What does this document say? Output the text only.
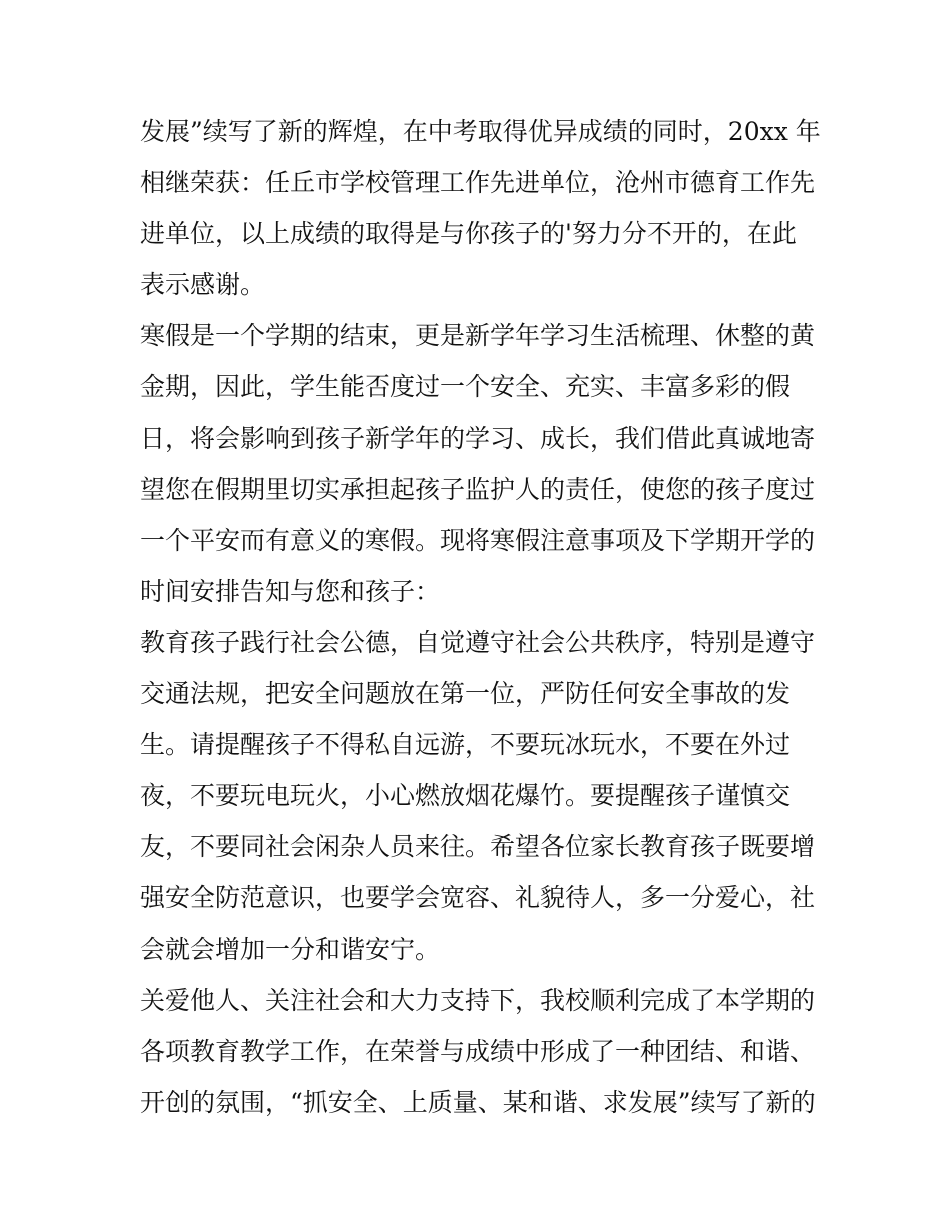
发展”续写了新的辉煌，在中考取得优异成绩的同时，20xx 年
相继荣获：任丘市学校管理工作先进单位，沧州市德育工作先
进单位，以上成绩的取得是与你孩子的'努力分不开的，在此
表示感谢。
寒假是一个学期的结束，更是新学年学习生活梳理、休整的黄
金期，因此，学生能否度过一个安全、充实、丰富多彩的假
日，将会影响到孩子新学年的学习、成长，我们借此真诚地寄
望您在假期里切实承担起孩子监护人的责任，使您的孩子度过
一个平安而有意义的寒假。现将寒假注意事项及下学期开学的
时间安排告知与您和孩子：
教育孩子践行社会公德，自觉遵守社会公共秩序，特别是遵守
交通法规，把安全问题放在第一位，严防任何安全事故的发
生。请提醒孩子不得私自远游，不要玩冰玩水，不要在外过
夜，不要玩电玩火，小心燃放烟花爆竹。要提醒孩子谨慎交
友，不要同社会闲杂人员来往。希望各位家长教育孩子既要增
强安全防范意识，也要学会宽容、礼貌待人，多一分爱心，社
会就会增加一分和谐安宁。
关爱他人、关注社会和大力支持下，我校顺利完成了本学期的
各项教育教学工作，在荣誉与成绩中形成了一种团结、和谐、
开创的氛围，“抓安全、上质量、某和谐、求发展”续写了新的
